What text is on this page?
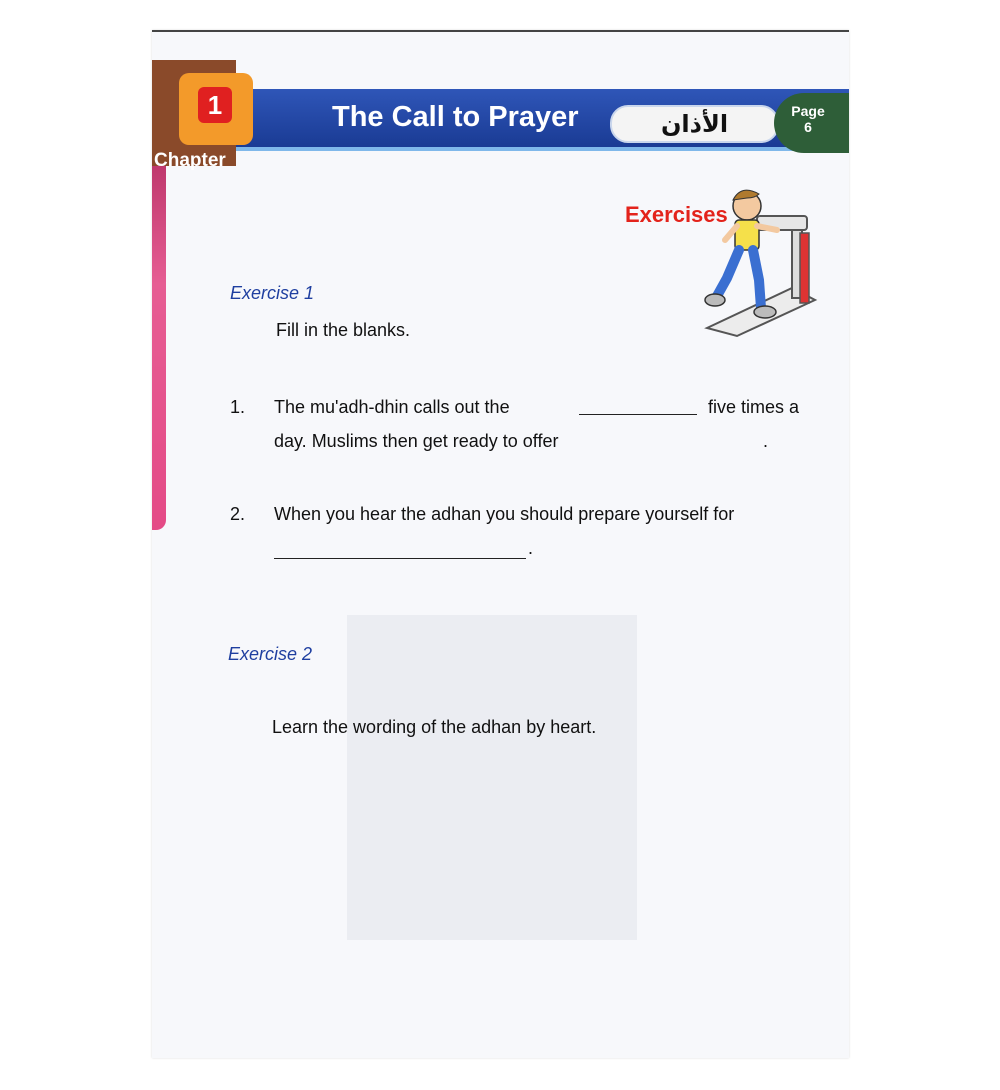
1
Chapter
The Call to Prayer	الأذان	Page
6
Exercises
Exercise 1
Fill in the blanks.
1. The mu'adh-dhin calls out the	five times a
day. Muslims then get ready to offer	.
2. When you hear the adhan you should prepare yourself for
.
Exercise 2
Learn the wording of the adhan by heart.
